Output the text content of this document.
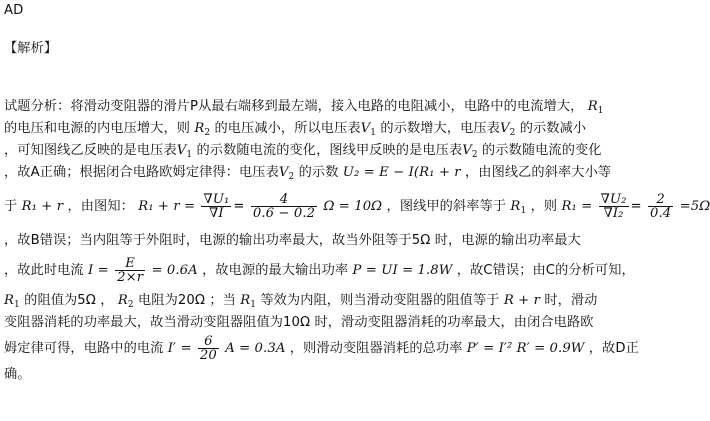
AD
【解析】
试题分析：将滑动变阻器的滑片P从最右端移到最左端，接入电路的电阻减小，电路中的电流增大， $R_1$
的电压和电源的内电压增大，则 $R_2$ 的电压减小，所以电压表$V_1$ 的示数增大，电压表$V_2$ 的示数减小
，可知图线乙反映的是电压表$V_1$ 的示数随电流的变化，图线甲反映的是电压表$V_2$ 的示数随电流的变化
，故A正确；根据闭合电路欧姆定律得：电压表$V_2$ 的示数 U₂ = E − I(R₁ + r ，由图线乙的斜率大小等
于 R₁ + r ，由图知： $R_1 + r = \frac{\text{∇U₁}}{\nabla I} = \frac{4}{0.6 - 0.2}$ Ω = 10Ω ，图线甲的斜率等于 $R_1$ ，则 $R_1 = \frac{\text{∇U₂}}{\text{∇I₂}} = \frac{2}{0.4} =5\Omega$
，故B错误；当内阻等于外阻时，电源的输出功率最大，故当外阻等于5Ω 时，电源的输出功率最大
，故此时电流 $I = \frac{E}{2\times r} = 0.6A$ ，故电源的最大输出功率 P = UI = 1.8W ，故C错误；由C的分析可知，
$R_1$ 的阻值为5Ω ， $R_2$ 电阻为20Ω ；当 $R_1$ 等效为内阻，则当滑动变阻器的阻值等于 R + r 时，滑动
变阻器消耗的功率最大，故当滑动变阻器阻值为10Ω 时，滑动变阻器消耗的功率最大，由闭合电路欧
姆定律可得，电路中的电流 $I' = \frac{6}{20}$ A = 0.3A ，则滑动变阻器消耗的总功率 P′ = I′² R′ = 0.9W ，故D正
确。
